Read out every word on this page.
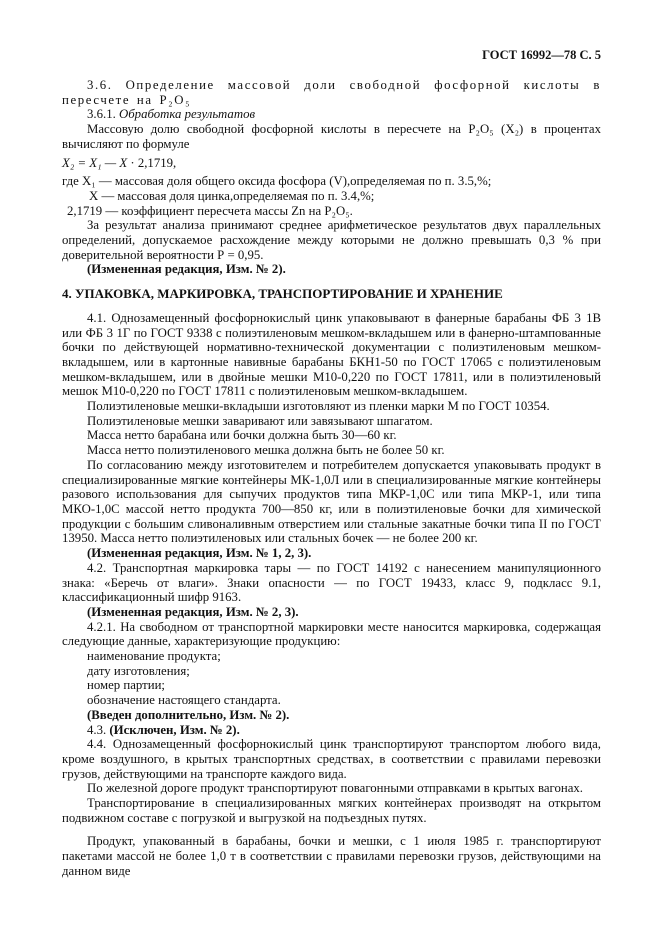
ГОСТ 16992—78 С. 5

3.6. Определение массовой доли свободной фосфорной кислоты в пересчете на P₂O₅

3.6.1. Обработка результатов

Массовую долю свободной фосфорной кислоты в пересчете на P₂O₅ (X₂) в процентах вычисляют по формуле

X₂ = X₁ — X · 2,1719,

где X₁ — массовая доля общего оксида фосфора (V),определяемая по п. 3.5,%;

X — массовая доля цинка,определяемая по п. 3.4,%;

2,1719 — коэффициент пересчета массы Zn на P₂O₅.

За результат анализа принимают среднее арифметическое результатов двух параллельных определений, допускаемое расхождение между которыми не должно превышать 0,3 % при доверительной вероятности Р = 0,95.

(Измененная редакция, Изм. № 2).

4. УПАКОВКА, МАРКИРОВКА, ТРАНСПОРТИРОВАНИЕ И ХРАНЕНИЕ

4.1. Однозамещенный фосфорнокислый цинк упаковывают в фанерные барабаны ФБ 3 1В или ФБ 3 1Г по ГОСТ 9338 с полиэтиленовым мешком-вкладышем или в фанерно-штампованные бочки по действующей нормативно-технической документации с полиэтиленовым мешком-вкладышем, или в картонные навивные барабаны БКН1-50 по ГОСТ 17065 с полиэтиленовым мешком-вкладышем, или в двойные мешки М10-0,220 по ГОСТ 17811, или в полиэтиленовый мешок М10-0,220 по ГОСТ 17811 с полиэтиленовым мешком-вкладышем.

Полиэтиленовые мешки-вкладыши изготовляют из пленки марки М по ГОСТ 10354.

Полиэтиленовые мешки заваривают или завязывают шпагатом.

Масса нетто барабана или бочки должна быть 30—60 кг.

Масса нетто полиэтиленового мешка должна быть не более 50 кг.

По согласованию между изготовителем и потребителем допускается упаковывать продукт в специализированные мягкие контейнеры МК-1,0Л или в специализированные мягкие контейнеры разового использования для сыпучих продуктов типа МКР-1,0С или типа МКР-1, или типа МКО-1,0С массой нетто продукта 700—850 кг, или в полиэтиленовые бочки для химической продукции с большим сливоналивным отверстием или стальные закатные бочки типа II по ГОСТ 13950. Масса нетто полиэтиленовых или стальных бочек — не более 200 кг.

(Измененная редакция, Изм. № 1, 2, 3).

4.2. Транспортная маркировка тары — по ГОСТ 14192 с нанесением манипуляционного знака: «Беречь от влаги». Знаки опасности — по ГОСТ 19433, класс 9, подкласс 9.1, классификационный шифр 9163.

(Измененная редакция, Изм. № 2, 3).

4.2.1. На свободном от транспортной маркировки месте наносится маркировка, содержащая следующие данные, характеризующие продукцию:

наименование продукта;

дату изготовления;

номер партии;

обозначение настоящего стандарта.

(Введен дополнительно, Изм. № 2).

4.3. (Исключен, Изм. № 2).

4.4. Однозамещенный фосфорнокислый цинк транспортируют транспортом любого вида, кроме воздушного, в крытых транспортных средствах, в соответствии с правилами перевозки грузов, действующими на транспорте каждого вида.

По железной дороге продукт транспортируют повагонными отправками в крытых вагонах.

Транспортирование в специализированных мягких контейнерах производят на открытом подвижном составе с погрузкой и выгрузкой на подъездных путях.

Продукт, упакованный в барабаны, бочки и мешки, с 1 июля 1985 г. транспортируют пакетами массой не более 1,0 т в соответствии с правилами перевозки грузов, действующими на данном виде
